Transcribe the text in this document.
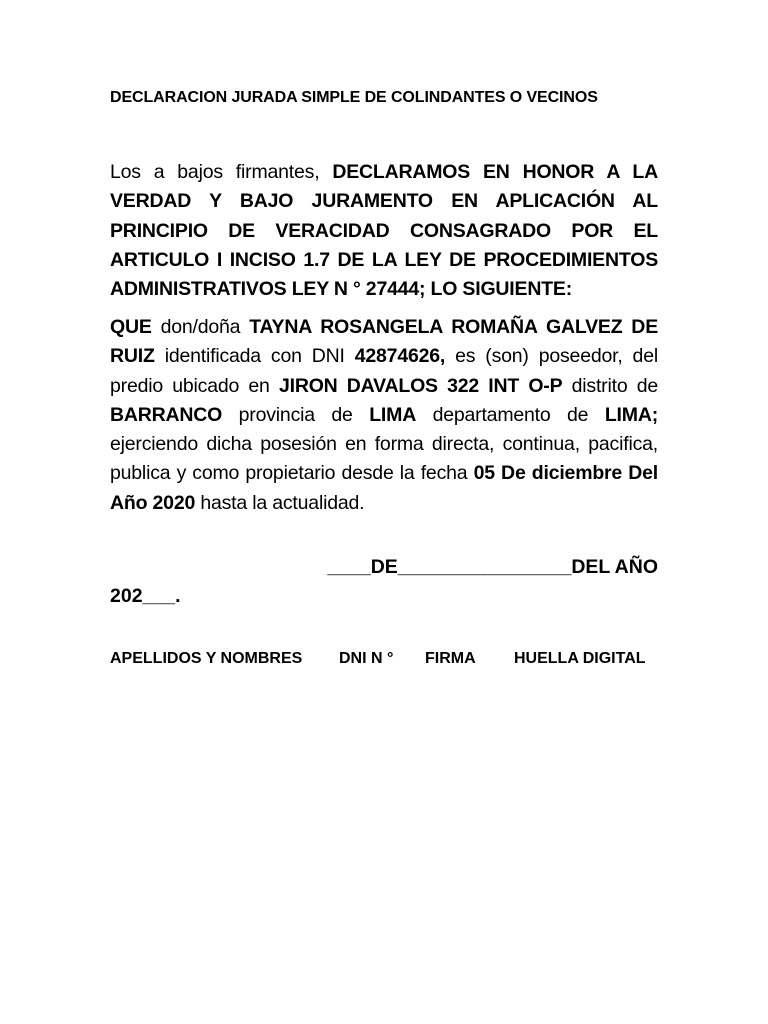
DECLARACION JURADA SIMPLE DE COLINDANTES O VECINOS
Los a bajos firmantes, DECLARAMOS EN HONOR A LA VERDAD Y BAJO JURAMENTO EN APLICACIÓN AL PRINCIPIO DE VERACIDAD CONSAGRADO POR EL ARTICULO I INCISO 1.7 DE LA LEY DE PROCEDIMIENTOS ADMINISTRATIVOS LEY N ° 27444; LO SIGUIENTE:
QUE don/doña TAYNA ROSANGELA ROMAÑA GALVEZ DE RUIZ identificada con DNI 42874626, es (son) poseedor, del predio ubicado en JIRON DAVALOS 322 INT O-P distrito de BARRANCO provincia de LIMA departamento de LIMA; ejerciendo dicha posesión en forma directa, continua, pacifica, publica y como propietario desde la fecha 05 De diciembre Del Año 2020 hasta la actualidad.
____DE________________DEL AÑO
202___.
APELLIDOS Y NOMBRES DNI N ° FIRMA HUELLA DIGITAL
